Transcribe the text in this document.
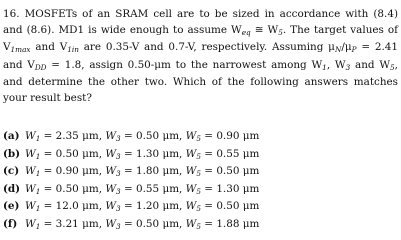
16. MOSFETs of an SRAM cell are to be sized in accordance with (8.4) and (8.6). MD1 is wide enough to assume $W_{eq}$ ≅ $W_5$. The target values of $V_{1max}$ and $V_{1in}$ are 0.35-V and 0.7-V, respectively. Assuming $\mu_N/\mu_P = 2.41$ and $V_{DD} = 1.8$, assign 0.50-μm to the narrowest among $W_1$, $W_3$ and $W_5$, and determine the other two. Which of the following answers matches your result best?
(a) $W_1 = 2.35$ μm, $W_3 = 0.50$ μm, $W_5 = 0.90$ μm
(b) $W_1 = 0.50$ μm, $W_3 = 1.30$ μm, $W_5 = 0.55$ μm
(c) $W_1 = 0.90$ μm, $W_3 = 1.80$ μm, $W_5 = 0.50$ μm
(d) $W_1 = 0.50$ μm, $W_3 = 0.55$ μm, $W_5 = 1.30$ μm
(e) $W_1 = 12.0$ μm, $W_3 = 1.20$ μm, $W_5 = 0.50$ μm
(f) $W_1 = 3.21$ μm, $W_3 = 0.50$ μm, $W_5 = 1.88$ μm
